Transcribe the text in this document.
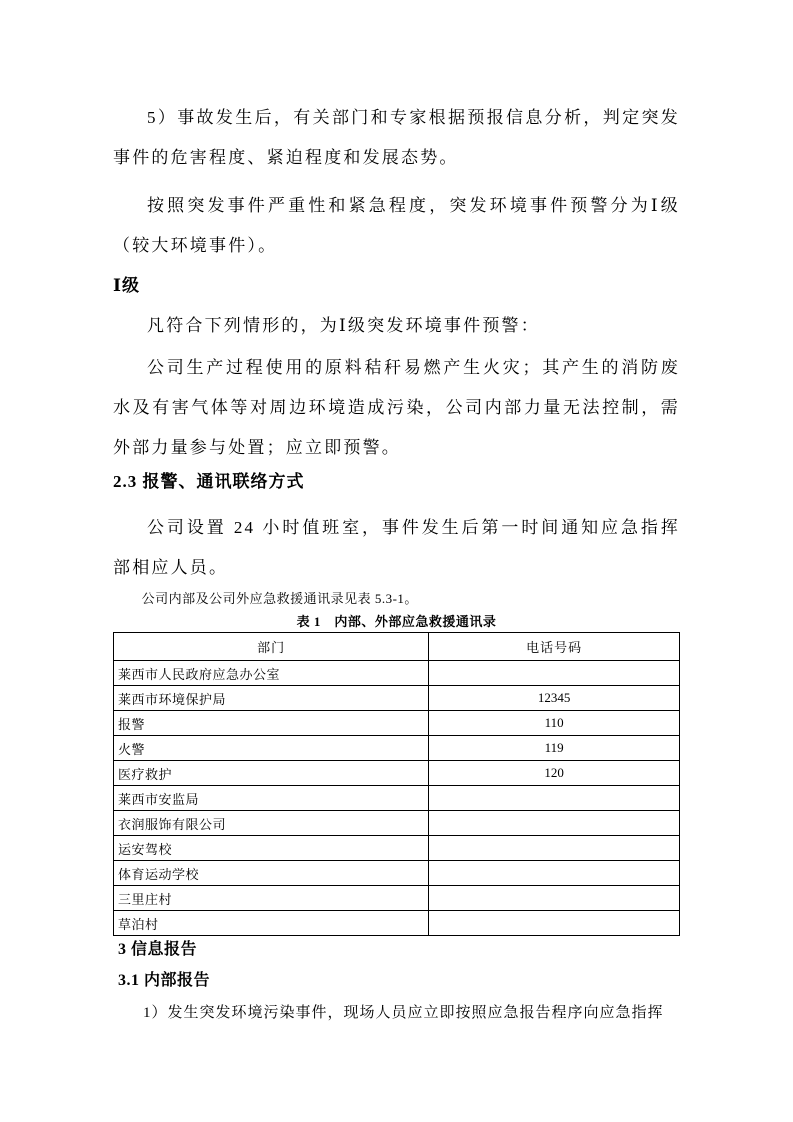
5）事故发生后，有关部门和专家根据预报信息分析，判定突发事件的危害程度、紧迫程度和发展态势。

按照突发事件严重性和紧急程度，突发环境事件预警分为Ⅰ级（较大环境事件）。

Ⅰ级

凡符合下列情形的，为Ⅰ级突发环境事件预警：

公司生产过程使用的原料秸秆易燃产生火灾；其产生的消防废水及有害气体等对周边环境造成污染，公司内部力量无法控制，需外部力量参与处置；应立即预警。

2.3 报警、通讯联络方式

公司设置 24 小时值班室，事件发生后第一时间通知应急指挥部相应人员。

公司内部及公司外应急救援通讯录见表 5.3-1。

表 1　内部、外部应急救援通讯录

部门	电话号码
莱西市人民政府应急办公室	
莱西市环境保护局	12345
报警	110
火警	119
医疗救护	120
莱西市安监局	
衣润服饰有限公司	
运安驾校	
体育运动学校	
三里庄村	
草泊村	
3 信息报告
3.1 内部报告

1）发生突发环境污染事件，现场人员应立即按照应急报告程序向应急指挥
